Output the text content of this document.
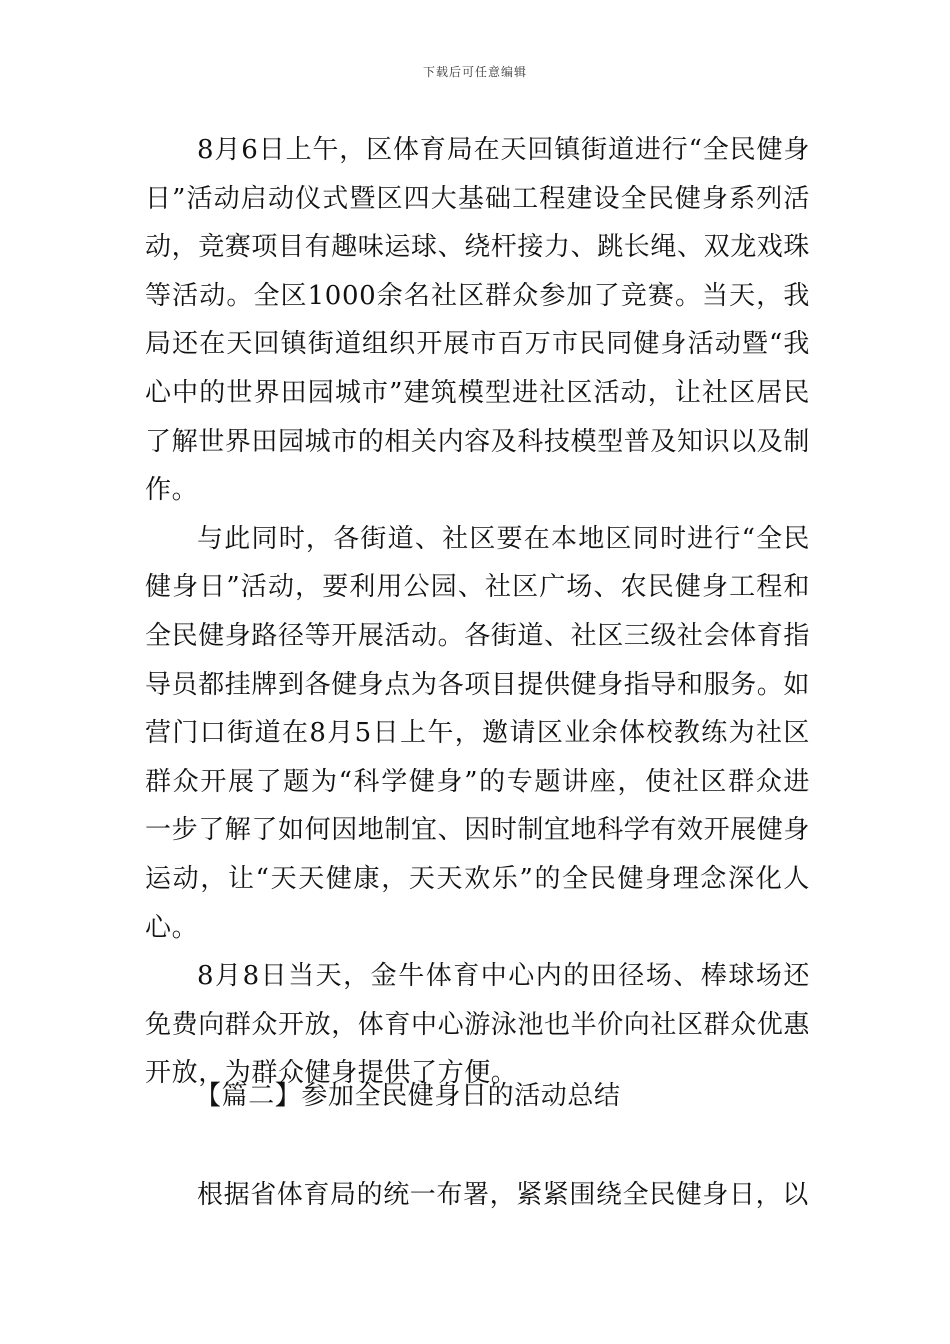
下载后可任意编辑

8月6日上午，区体育局在天回镇街道进行“全民健身日”活动启动仪式暨区四大基础工程建设全民健身系列活动，竞赛项目有趣味运球、绕杆接力、跳长绳、双龙戏珠等活动。全区1000余名社区群众参加了竞赛。当天，我局还在天回镇街道组织开展市百万市民同健身活动暨“我心中的世界田园城市”建筑模型进社区活动，让社区居民了解世界田园城市的相关内容及科技模型普及知识以及制作。

与此同时，各街道、社区要在本地区同时进行“全民健身日”活动，要利用公园、社区广场、农民健身工程和全民健身路径等开展活动。各街道、社区三级社会体育指导员都挂牌到各健身点为各项目提供健身指导和服务。如营门口街道在8月5日上午，邀请区业余体校教练为社区群众开展了题为“科学健身”的专题讲座，使社区群众进一步了解了如何因地制宜、因时制宜地科学有效开展健身运动，让“天天健康，天天欢乐”的全民健身理念深化人心。

8月8日当天，金牛体育中心内的田径场、棒球场还免费向群众开放，体育中心游泳池也半价向社区群众优惠开放，为群众健身提供了方便。

【篇二】参加全民健身日的活动总结

根据省体育局的统一布署，紧紧围绕全民健身日，以
